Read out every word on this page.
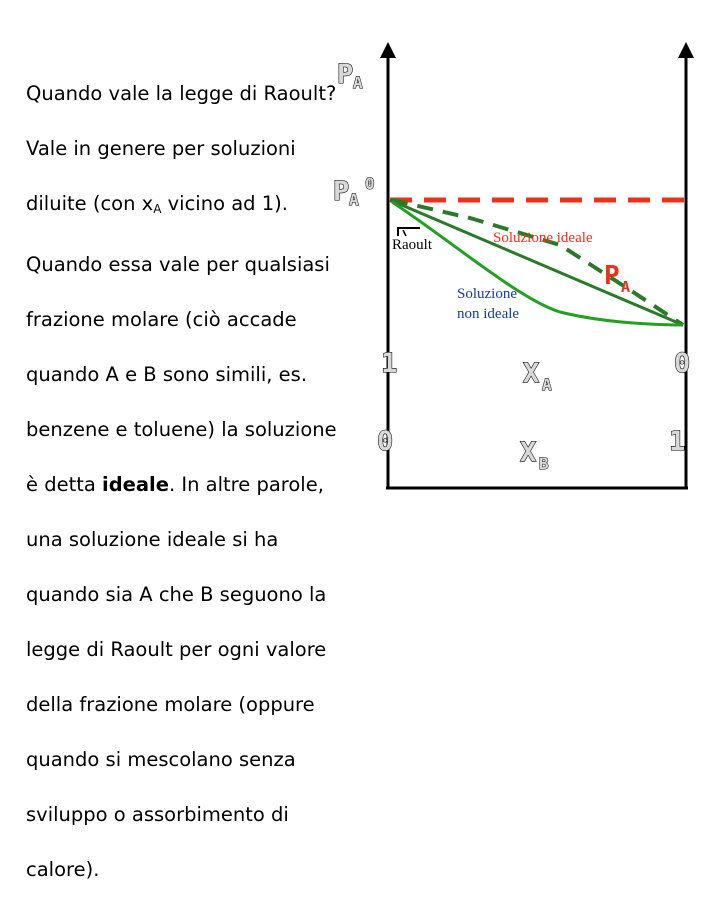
Quando vale la legge di Raoult?

Vale in genere per soluzioni

diluite (con $x_A$ vicino ad 1).

Quando essa vale per qualsiasi

frazione molare (ciò accade

quando A e B sono simili, es.

benzene e toluene) la soluzione

è detta ideale. In altre parole,

una soluzione ideale si ha

quando sia A che B seguono la

legge di Raoult per ogni valore

della frazione molare (oppure

quando si mescolano senza

sviluppo o assorbimento di

calore).

P A
P A
0
Raoult	Soluzione ideale
Soluzione
non ideale
P A
1	X A
0
0	X B
1
